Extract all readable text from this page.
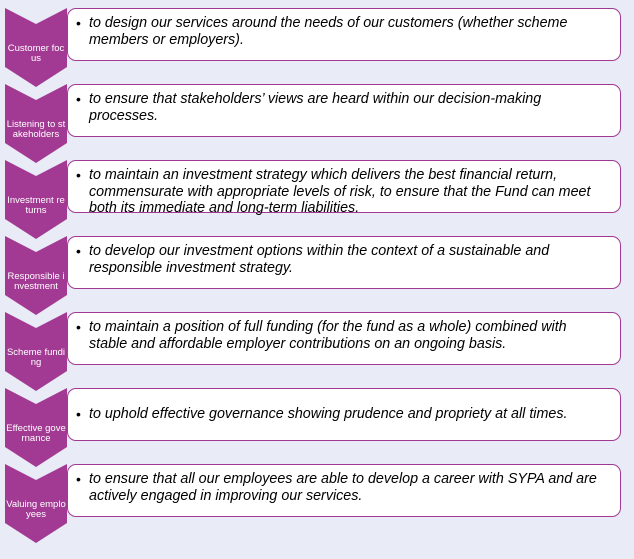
• to design our services around the needs of our customers (whether scheme members or employers).
Customer focus
• to ensure that stakeholders’ views are heard within our decision-making processes.
Listening to stakeholders
• to maintain an investment strategy which delivers the best financial return, commensurate with appropriate levels of risk, to ensure that the Fund can meet both its immediate and long-term liabilities.
Investment returns
• to develop our investment options within the context of a sustainable and responsible investment strategy.
Responsible investment
• to maintain a position of full funding (for the fund as a whole) combined with stable and affordable employer contributions on an ongoing basis.
Scheme funding
• to uphold effective governance showing prudence and propriety at all times.
Effective governance
• to ensure that all our employees are able to develop a career with SYPA and are actively engaged in improving our services.
Valuing employees
